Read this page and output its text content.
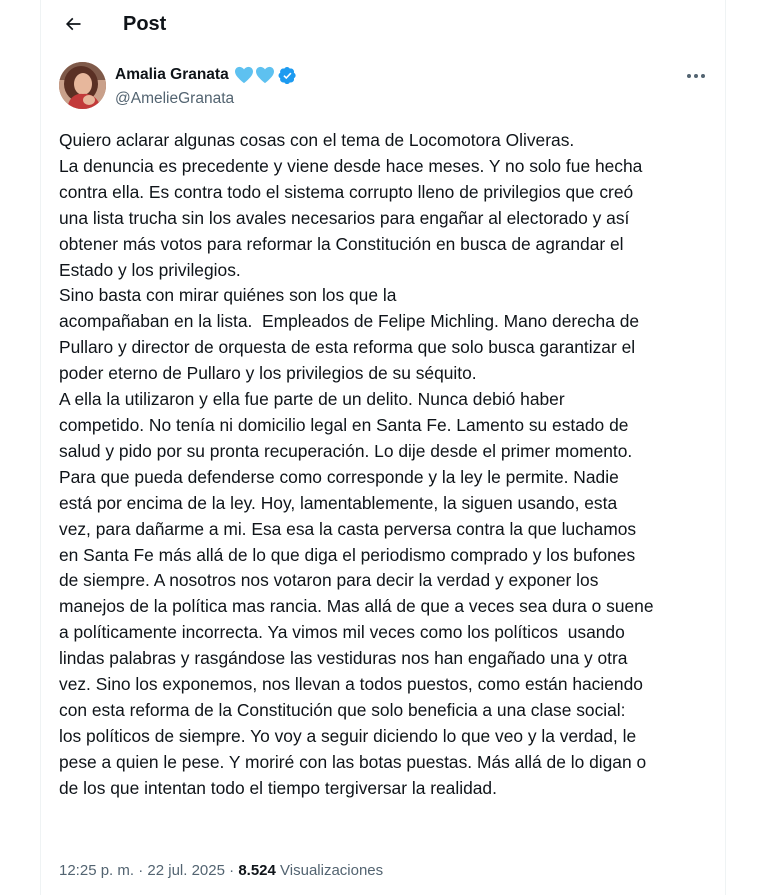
Post
Amalia Granata
@AmelieGranata
Quiero aclarar algunas cosas con el tema de Locomotora Oliveras.
La denuncia es precedente y viene desde hace meses. Y no solo fue hecha
contra ella. Es contra todo el sistema corrupto lleno de privilegios que creó
una lista trucha sin los avales necesarios para engañar al electorado y así
obtener más votos para reformar la Constitución en busca de agrandar el
Estado y los privilegios.
Sino basta con mirar quiénes son los que la
acompañaban en la lista.  Empleados de Felipe Michling. Mano derecha de
Pullaro y director de orquesta de esta reforma que solo busca garantizar el
poder eterno de Pullaro y los privilegios de su séquito.
A ella la utilizaron y ella fue parte de un delito. Nunca debió haber
competido. No tenía ni domicilio legal en Santa Fe. Lamento su estado de
salud y pido por su pronta recuperación. Lo dije desde el primer momento.
Para que pueda defenderse como corresponde y la ley le permite. Nadie
está por encima de la ley. Hoy, lamentablemente, la siguen usando, esta
vez, para dañarme a mi. Esa esa la casta perversa contra la que luchamos
en Santa Fe más allá de lo que diga el periodismo comprado y los bufones
de siempre. A nosotros nos votaron para decir la verdad y exponer los
manejos de la política mas rancia. Mas allá de que a veces sea dura o suene
a políticamente incorrecta. Ya vimos mil veces como los políticos  usando
lindas palabras y rasgándose las vestiduras nos han engañado una y otra
vez. Sino los exponemos, nos llevan a todos puestos, como están haciendo
con esta reforma de la Constitución que solo beneficia a una clase social:
los políticos de siempre. Yo voy a seguir diciendo lo que veo y la verdad, le
pese a quien le pese. Y moriré con las botas puestas. Más allá de lo digan o
de los que intentan todo el tiempo tergiversar la realidad.
12:25 p. m. · 22 jul. 2025 · 8.524 Visualizaciones
